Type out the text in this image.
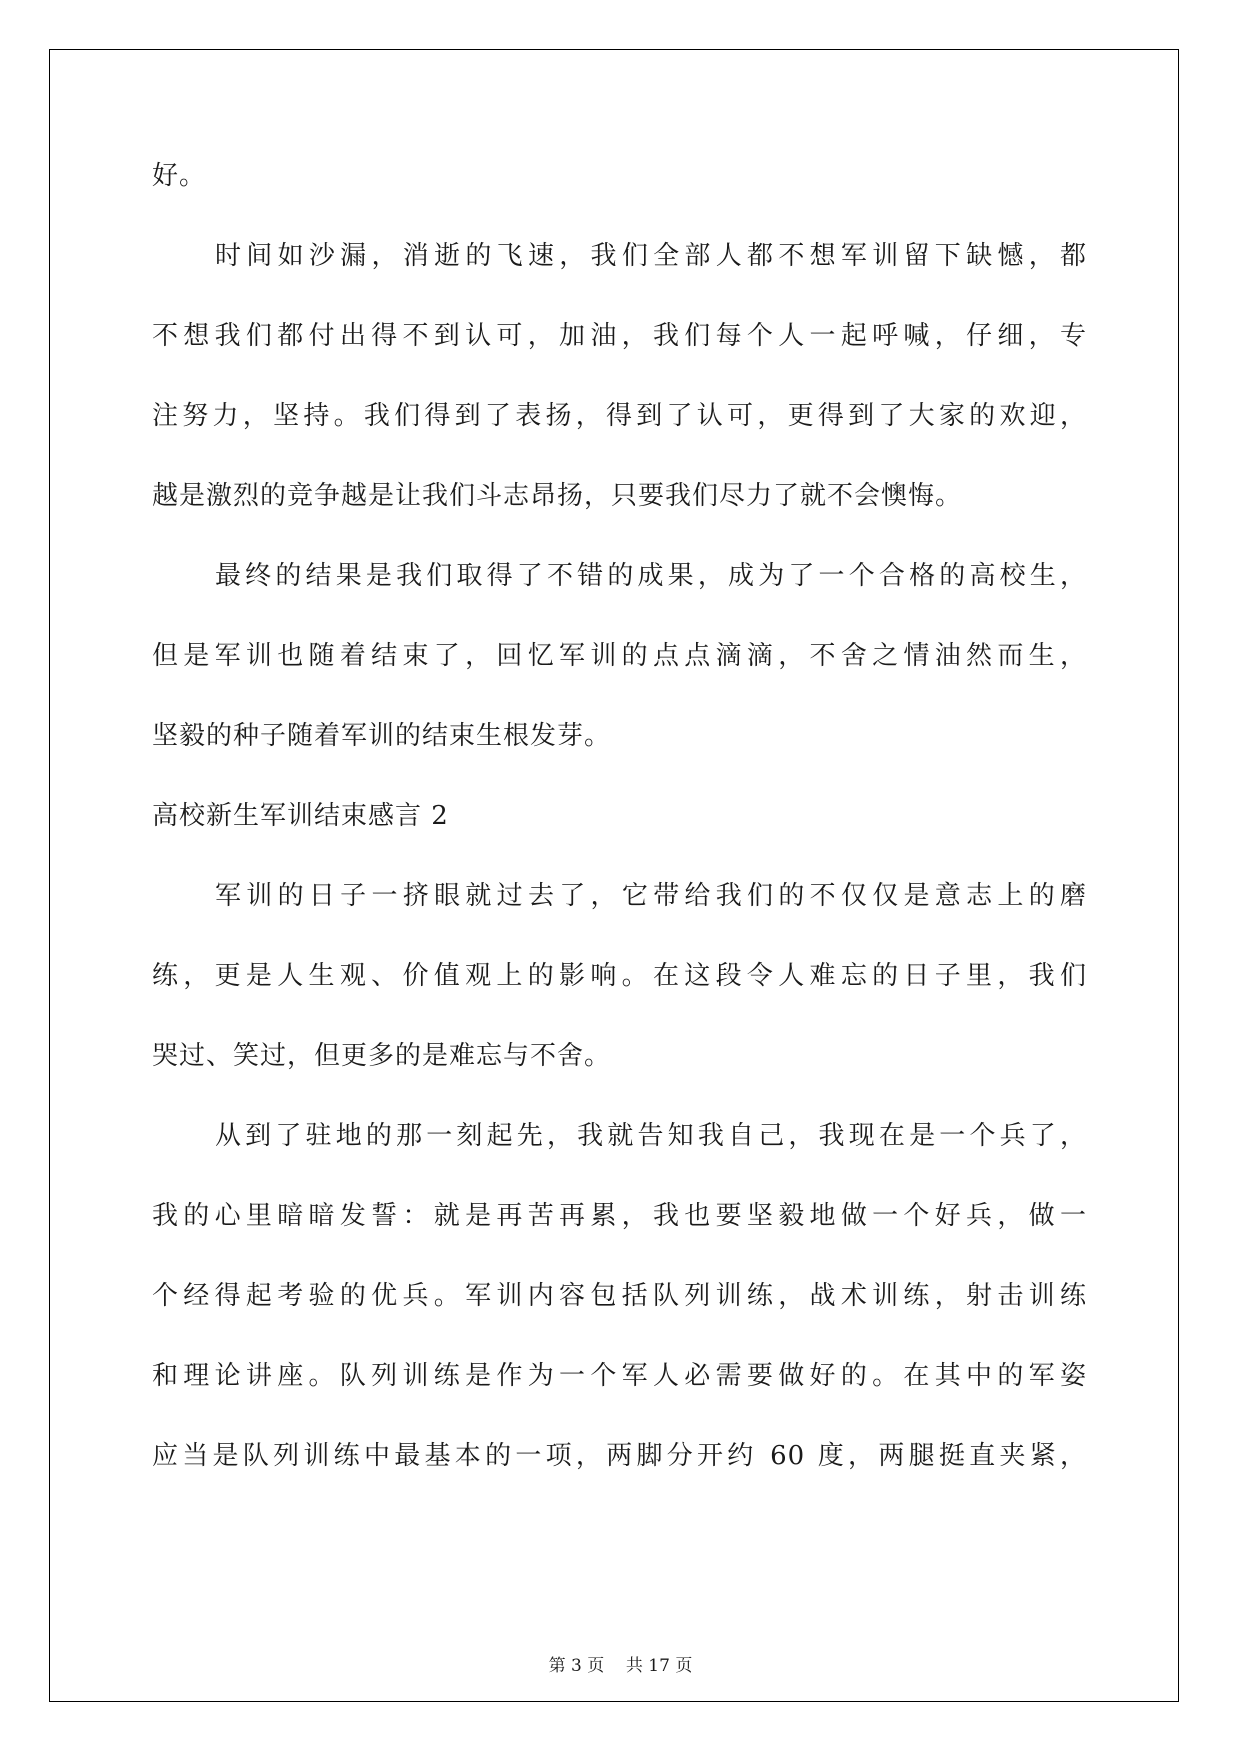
好。
时间如沙漏，消逝的飞速，我们全部人都不想军训留下缺憾，都
不想我们都付出得不到认可，加油，我们每个人一起呼喊，仔细，专
注努力，坚持。我们得到了表扬，得到了认可，更得到了大家的欢迎，
越是激烈的竞争越是让我们斗志昂扬，只要我们尽力了就不会懊悔。
最终的结果是我们取得了不错的成果，成为了一个合格的高校生，
但是军训也随着结束了，回忆军训的点点滴滴，不舍之情油然而生，
坚毅的种子随着军训的结束生根发芽。
高校新生军训结束感言 2
军训的日子一挤眼就过去了，它带给我们的不仅仅是意志上的磨
练，更是人生观、价值观上的影响。在这段令人难忘的日子里，我们
哭过、笑过，但更多的是难忘与不舍。
从到了驻地的那一刻起先，我就告知我自己，我现在是一个兵了，
我的心里暗暗发誓：就是再苦再累，我也要坚毅地做一个好兵，做一
个经得起考验的优兵。军训内容包括队列训练，战术训练，射击训练
和理论讲座。队列训练是作为一个军人必需要做好的。在其中的军姿
应当是队列训练中最基本的一项，两脚分开约 60 度，两腿挺直夹紧，
第 3 页    共 17 页
